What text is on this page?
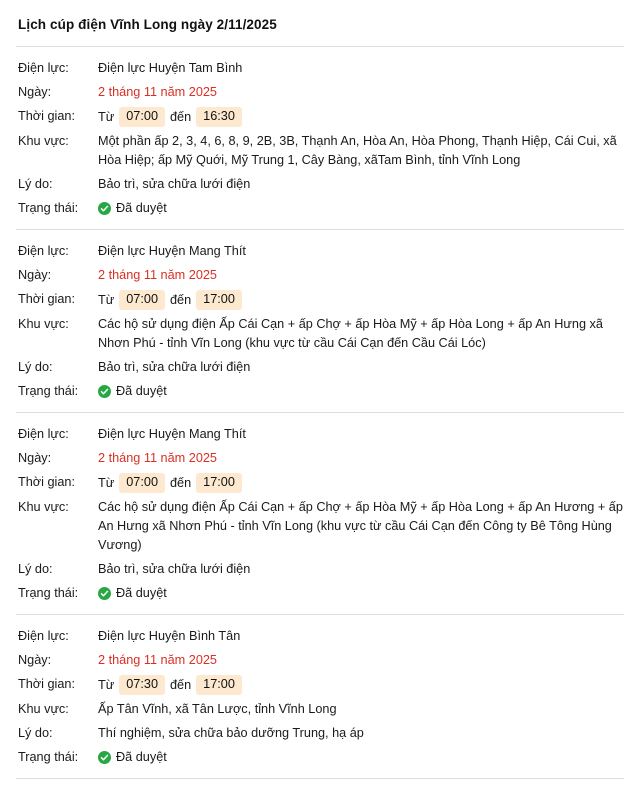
Lịch cúp điện Vĩnh Long ngày 2/11/2025
Điện lực:	Điện lực Huyện Tam Bình
Ngày:	2 tháng 11 năm 2025
Thời gian:	Từ 07:00 đến 16:30
Khu vực:	Một phần ấp 2, 3, 4, 6, 8, 9, 2B, 3B, Thạnh An, Hòa An, Hòa Phong, Thạnh Hiệp, Cái Cui, xã Hòa Hiệp; ấp Mỹ Quới, Mỹ Trung 1, Cây Bàng, xãTam Bình, tỉnh Vĩnh Long
Lý do:	Bảo trì, sửa chữa lưới điện
Trạng thái:	Đã duyệt
Điện lực:	Điện lực Huyện Mang Thít
Ngày:	2 tháng 11 năm 2025
Thời gian:	Từ 07:00 đến 17:00
Khu vực:	Các hộ sử dụng điện Ấp Cái Cạn + ấp Chợ + ấp Hòa Mỹ + ấp Hòa Long + ấp An Hưng xã Nhơn Phú - tỉnh Vĩn Long (khu vực từ cầu Cái Cạn đến Cầu Cái Lóc)
Lý do:	Bảo trì, sửa chữa lưới điện
Trạng thái:	Đã duyệt
Điện lực:	Điện lực Huyện Mang Thít
Ngày:	2 tháng 11 năm 2025
Thời gian:	Từ 07:00 đến 17:00
Khu vực:	Các hộ sử dụng điện Ấp Cái Cạn + ấp Chợ + ấp Hòa Mỹ + ấp Hòa Long + ấp An Hương + ấp An Hưng xã Nhơn Phú - tỉnh Vĩn Long (khu vực từ cầu Cái Cạn đến Công ty Bê Tông Hùng Vương)
Lý do:	Bảo trì, sửa chữa lưới điện
Trạng thái:	Đã duyệt
Điện lực:	Điện lực Huyện Bình Tân
Ngày:	2 tháng 11 năm 2025
Thời gian:	Từ 07:30 đến 17:00
Khu vực:	Ấp Tân Vĩnh, xã Tân Lược, tỉnh Vĩnh Long
Lý do:	Thí nghiệm, sửa chữa bảo dưỡng Trung, hạ áp
Trạng thái:	Đã duyệt
